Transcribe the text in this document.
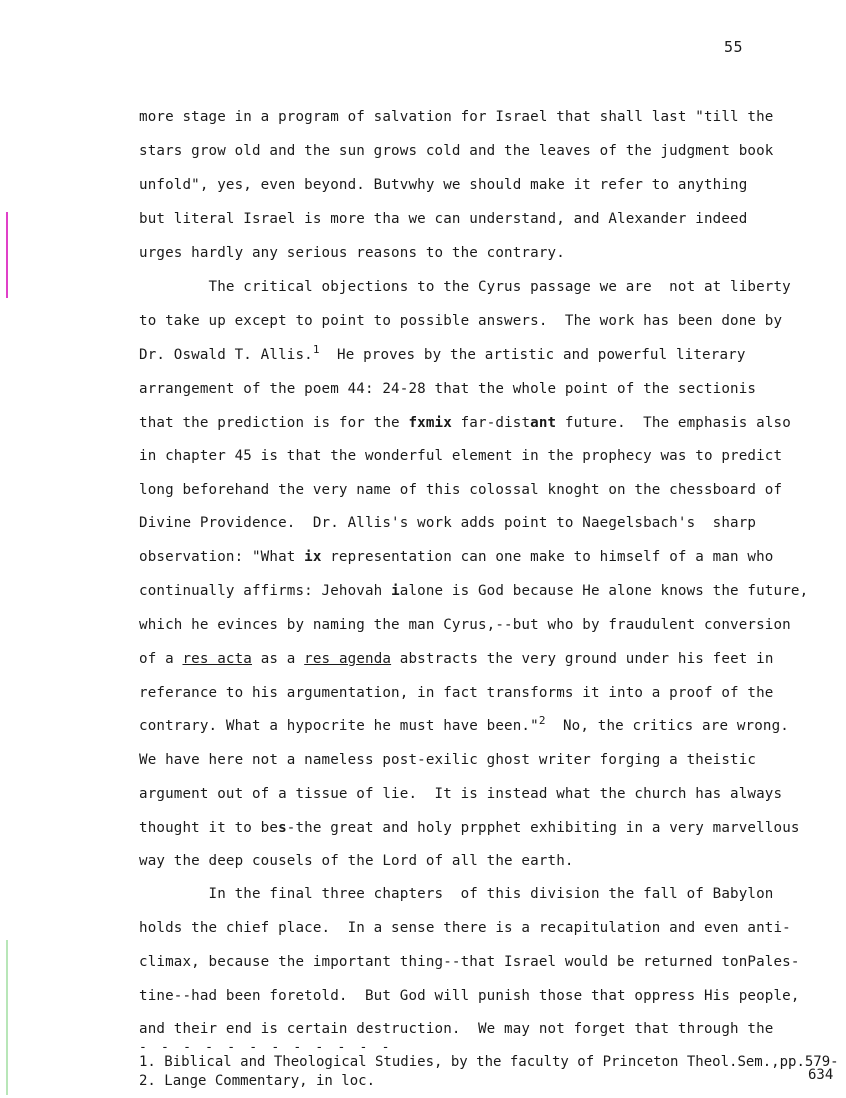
55
more stage in a program of salvation for Israel that shall last "till the
stars grow old and the sun grows cold and the leaves of the judgment book
unfold", yes, even beyond. Butvwhy we should make it refer to anything
but literal Israel is more tha we can understand, and Alexander indeed
urges hardly any serious reasons to the contrary.
The critical objections to the Cyrus passage we are  not at liberty
to take up except to point to possible answers.  The work has been done by
Dr. Oswald T. Allis.$^1$  He proves by the artistic and powerful literary
arrangement of the poem 44: 24-28 that the whole point of the sectionis
that the prediction is for the fxmix far-distant future.  The emphasis also
in chapter 45 is that the wonderful element in the prophecy was to predict
long beforehand the very name of this colossal knoght on the chessboard of
Divine Providence.  Dr. Allis's work adds point to Naegelsbach's  sharp
observation: "What ix representation can one make to himself of a man who
continually affirms: Jehovah ialone is God because He alone knows the future,
which he evinces by naming the man Cyrus,--but who by fraudulent conversion
of a res acta as a res agenda abstracts the very ground under his feet in
referance to his argumentation, in fact transforms it into a proof of the
contrary. What a hypocrite he must have been."$^2$  No, the critics are wrong.
We have here not a nameless post-exilic ghost writer forging a theistic
argument out of a tissue of lie.  It is instead what the church has always
thought it to bes-the great and holy prpphet exhibiting in a very marvellous
way the deep cousels of the Lord of all the earth.
In the final three chapters  of this division the fall of Babylon
holds the chief place.  In a sense there is a recapitulation and even anti-
climax, because the important thing--that Israel would be returned tonPales-
tine--had been foretold.  But God will punish those that oppress His people,
and their end is certain destruction.  We may not forget that through the
- - - - - - - - - - - -
1. Biblical and Theological Studies, by the faculty of Princeton Theol.Sem.,pp.579-
2. Lange Commentary, in loc.	634
